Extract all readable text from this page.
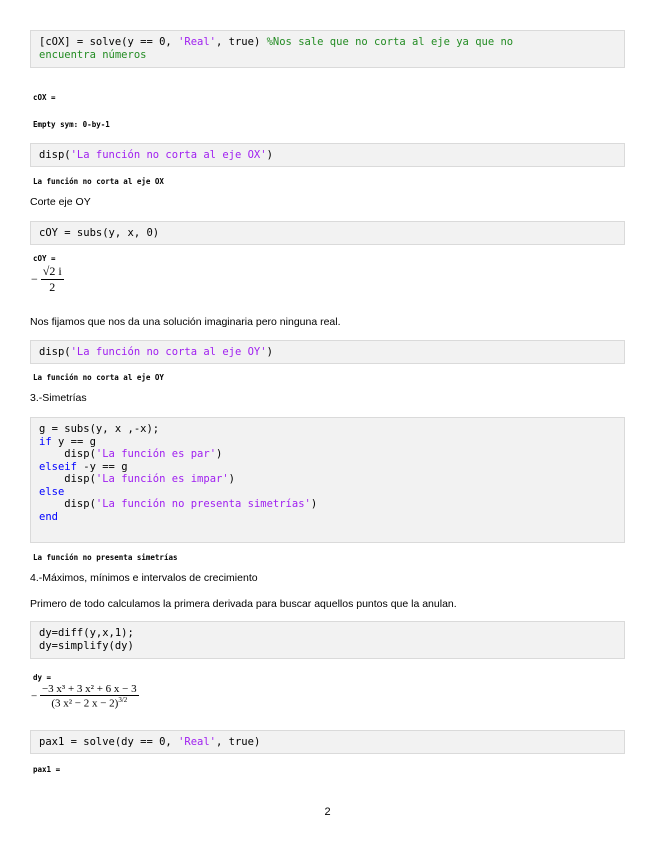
[cOX] = solve(y == 0, 'Real', true) %Nos sale que no corta al eje ya que no
encuentra números
cOX =
Empty sym: 0-by-1
disp('La función no corta al eje OX')
La función no corta al eje OX
Corte eje OY
cOY = subs(y, x, 0)
cOY =
− $\frac{√2 i}{2}$
Nos fijamos que nos da una solución imaginaria pero ninguna real.
disp('La función no corta al eje OY')
La función no corta al eje OY
3.-Simetrías
g = subs(y, x ,-x);
if y == g
disp('La función es par')
elseif -y == g
disp('La función es impar')
else
disp('La función no presenta simetrías')
end
La función no presenta simetrías
4.-Máximos, mínimos e intervalos de crecimiento
Primero de todo calculamos la primera derivada para buscar aquellos puntos que la anulan.
dy=diff(y,x,1);
dy=simplify(dy)
dy =
− $\frac{\text{−3 x³ + 3 x² + 6 x − 3}}{(3 x^2 - 2 x - 2)^{3/2}}$
pax1 = solve(dy == 0, 'Real', true)
pax1 =
2
